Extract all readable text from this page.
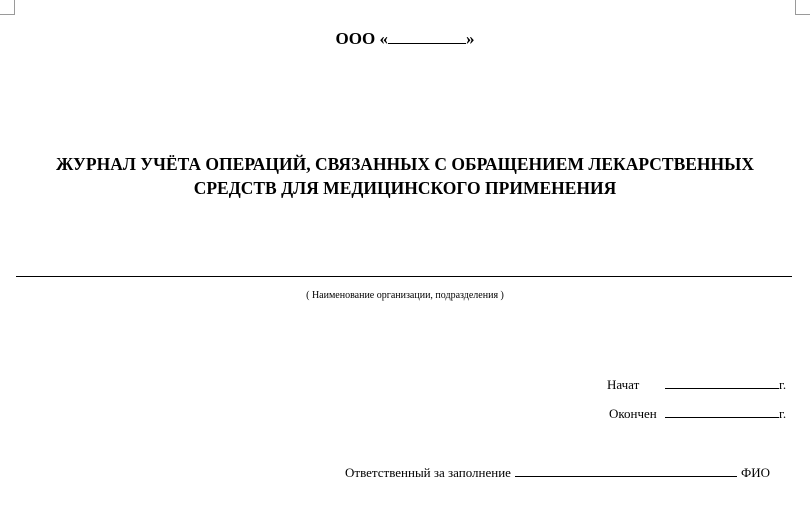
ООО «	»
ЖУРНАЛ УЧЁТА ОПЕРАЦИЙ, СВЯЗАННЫХ С ОБРАЩЕНИЕМ ЛЕКАРСТВЕННЫХ
СРЕДСТВ ДЛЯ МЕДИЦИНСКОГО ПРИМЕНЕНИЯ
( Наименование организации, подразделения )
Начат	г.
Окончен	г.
Ответственный за заполнение	ФИО
